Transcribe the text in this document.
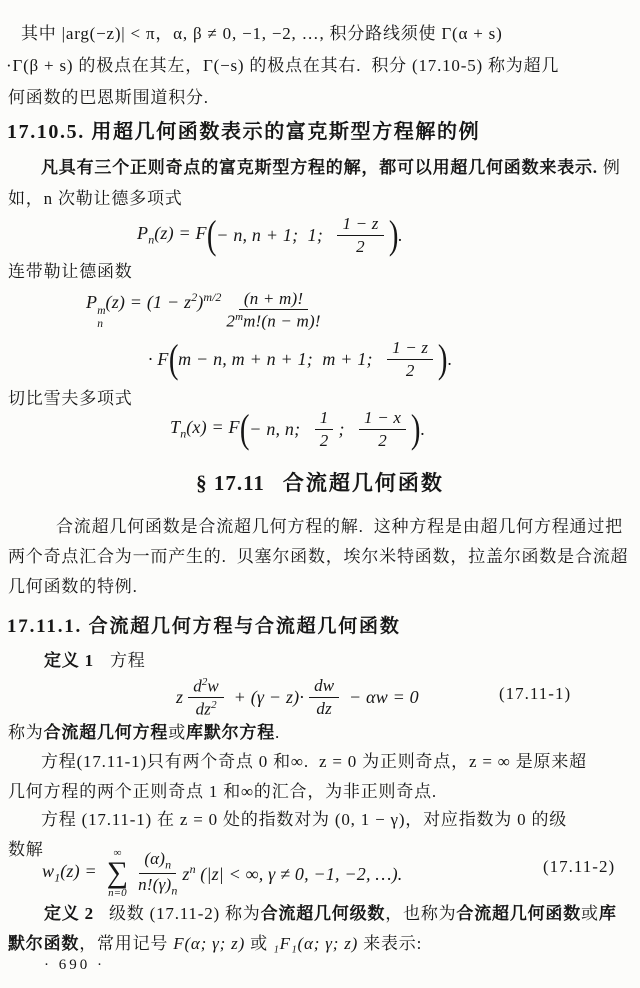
其中 |arg(−z)| < π，α, β ≠ 0, −1, −2, …, 积分路线须使 Γ(α + s)
·Γ(β + s) 的极点在其左，Γ(−s) 的极点在其右.  积分 (17.10-5) 称为超几
何函数的巴恩斯围道积分.
17.10.5. 用超几何函数表示的富克斯型方程解的例
凡具有三个正则奇点的富克斯型方程的解，都可以用超几何函数来表示. 例
如，n 次勒让德多项式
$P_n(z) = F$ ( − n, n + 1;  1; $\frac{1 - z}{2}$ ) .
连带勒让德函数
P m
n
$(z) = (1 - z^2)^{m/2} \frac{(n + m)!}{2^mm!(n - m)!}$
· F ( m − n, m + n + 1;  m + 1; $\frac{1 - z}{2}$ ) .
切比雪夫多项式
$T_n(x) = F$ ( − n, n; $\frac{1}{2}$ ; $\frac{1 - x}{2}$ ) .
§ 17.11 合流超几何函数
合流超几何函数是合流超几何方程的解.  这种方程是由超几何方程通过把
两个奇点汇合为一而产生的.  贝塞尔函数，埃尔米特函数，拉盖尔函数是合流超
几何函数的特例.
17.11.1. 合流超几何方程与合流超几何函数
定义 1 方程
z $\frac{d^2w}{dz^2} + (\gamma - z)\cdot \frac{dw}{dz} - \alpha w = 0$	(17.11-1)
称为合流超几何方程或库默尔方程.
方程(17.11-1)只有两个奇点 0 和∞.  z = 0 为正则奇点，z = ∞ 是原来超
几何方程的两个正则奇点 1 和∞的汇合，为非正则奇点.
方程 (17.11-1) 在 z = 0 处的指数对为 (0, 1 − γ)，对应指数为 0 的级
数解
$w_1(z)$ =
∞
∑
$n=0 \frac{(\alpha)_n}{n!(\gamma)_n} z^n$ (|z| < ∞, γ ≠ 0, −1, −2, …).	(17.11-2)
定义 2 级数 (17.11-2) 称为合流超几何级数，也称为合流超几何函数或库
默尔函数，常用记号 F(α; γ; z) 或 ₁F₁(α; γ; z) 来表示:
· 690 ·
